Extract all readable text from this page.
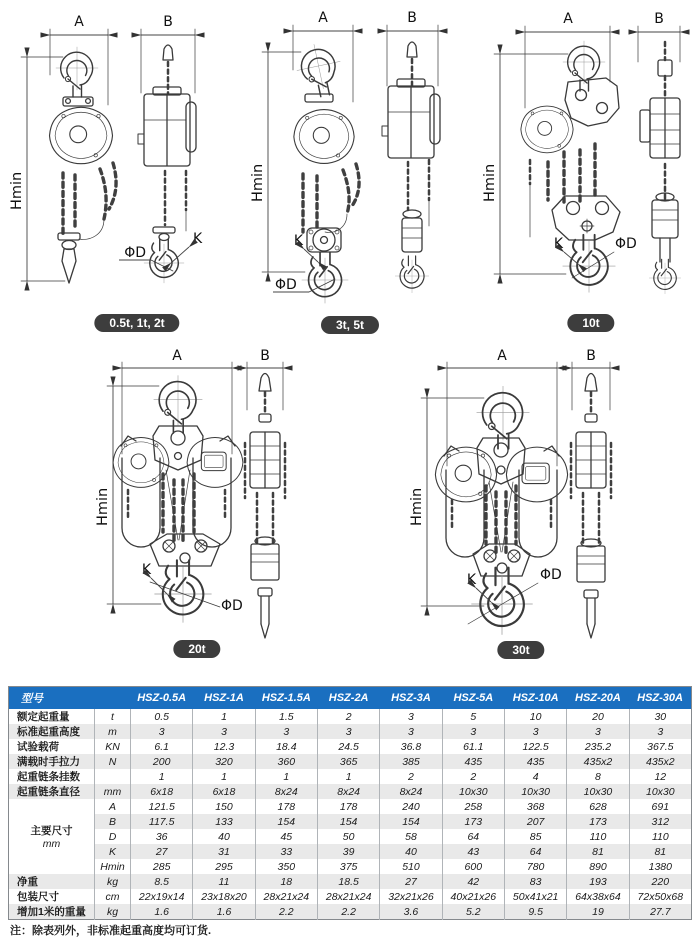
A
Hmin
B
ΦD
K
A
Hmin
K
ΦD
B	A
Hmin
K	ΦD
B
A
Hmin
K
ΦD
B	A
Hmin
K	ΦD
B
0.5t, 1t, 2t	3t, 5t	10t
20t	30t
型号		HSZ-0.5A	HSZ-1A	HSZ-1.5A	HSZ-2A	HSZ-3A	HSZ-5A	HSZ-10A	HSZ-20A	HSZ-30A
额定起重量	t	0.5	1	1.5	2	3	5	10	20	30
标准起重高度	m	3	3	3	3	3	3	3	3	3
试验载荷	KN	6.1	12.3	18.4	24.5	36.8	61.1	122.5	235.2	367.5
满载时手拉力	N	200	320	360	365	385	435	435	435x2	435x2
起重链条挂数		1	1	1	1	2	2	4	8	12
起重链条直径	mm	6x18	6x18	8x24	8x24	8x24	10x30	10x30	10x30	10x30

主要尺寸
mm	A	121.5	150	178	178	240	258	368	628	691
	B	117.5	133	154	154	154	173	207	173	312
	D	36	40	45	50	58	64	85	110	110
	K	27	31	33	39	40	43	64	81	81
	Hmin	285	295	350	375	510	600	780	890	1380
净重	kg	8.5	11	18	18.5	27	42	83	193	220
包装尺寸	cm	22x19x14	23x18x20	28x21x24	28x21x24	32x21x26	40x21x26	50x41x21	64x38x64	72x50x68
增加1米的重量	kg	1.6	1.6	2.2	2.2	3.6	5.2	9.5	19	27.7

注：除表列外，非标准起重高度均可订货.
